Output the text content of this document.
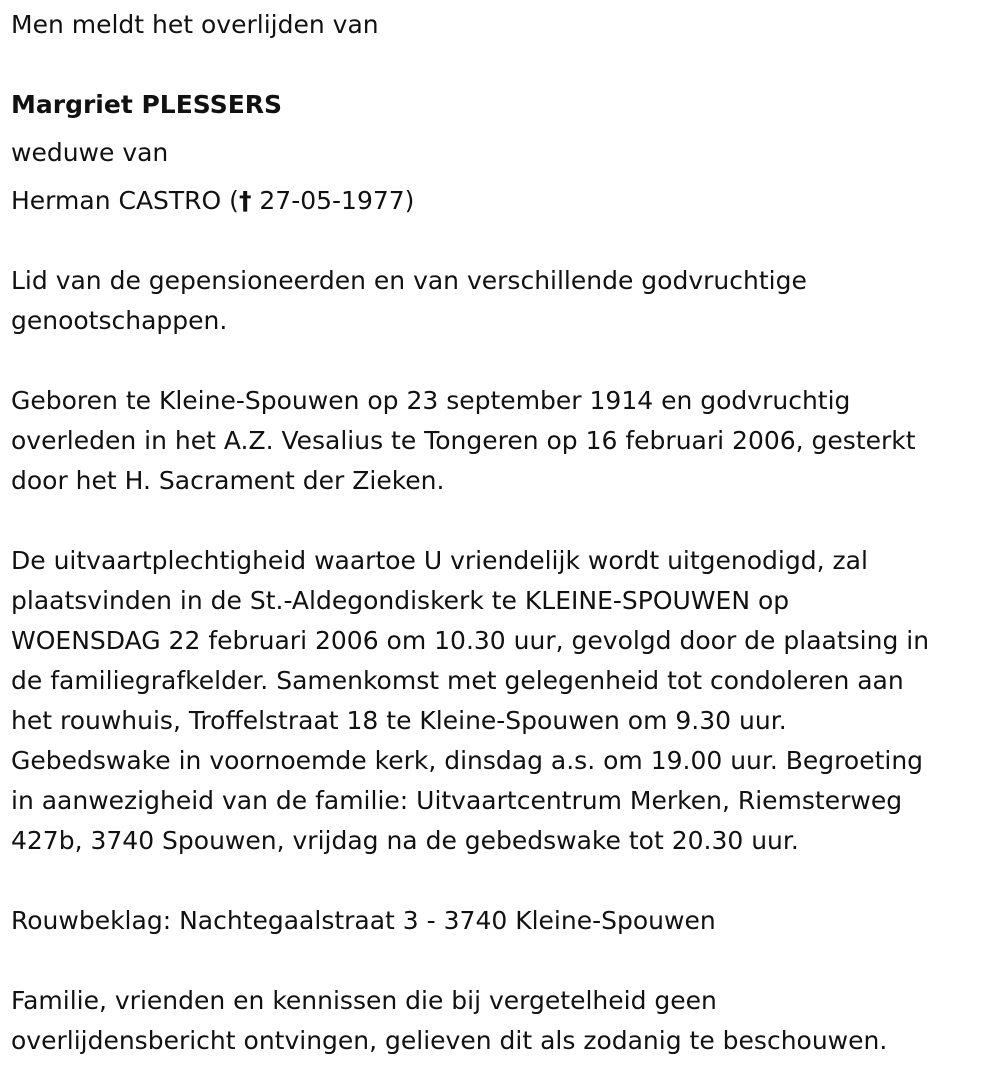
Men meldt het overlijden van
Margriet PLESSERS
weduwe van
Herman CASTRO († 27-05-1977)
Lid van de gepensioneerden en van verschillende godvruchtige
genootschappen.
Geboren te Kleine-Spouwen op 23 september 1914 en godvruchtig
overleden in het A.Z. Vesalius te Tongeren op 16 februari 2006, gesterkt
door het H. Sacrament der Zieken.
De uitvaartplechtigheid waartoe U vriendelijk wordt uitgenodigd, zal
plaatsvinden in de St.-Aldegondiskerk te KLEINE-SPOUWEN op
WOENSDAG 22 februari 2006 om 10.30 uur, gevolgd door de plaatsing in
de familiegrafkelder. Samenkomst met gelegenheid tot condoleren aan
het rouwhuis, Troffelstraat 18 te Kleine-Spouwen om 9.30 uur.
Gebedswake in voornoemde kerk, dinsdag a.s. om 19.00 uur. Begroeting
in aanwezigheid van de familie: Uitvaartcentrum Merken, Riemsterweg
427b, 3740 Spouwen, vrijdag na de gebedswake tot 20.30 uur.
Rouwbeklag: Nachtegaalstraat 3 - 3740 Kleine-Spouwen
Familie, vrienden en kennissen die bij vergetelheid geen
overlijdensbericht ontvingen, gelieven dit als zodanig te beschouwen.
